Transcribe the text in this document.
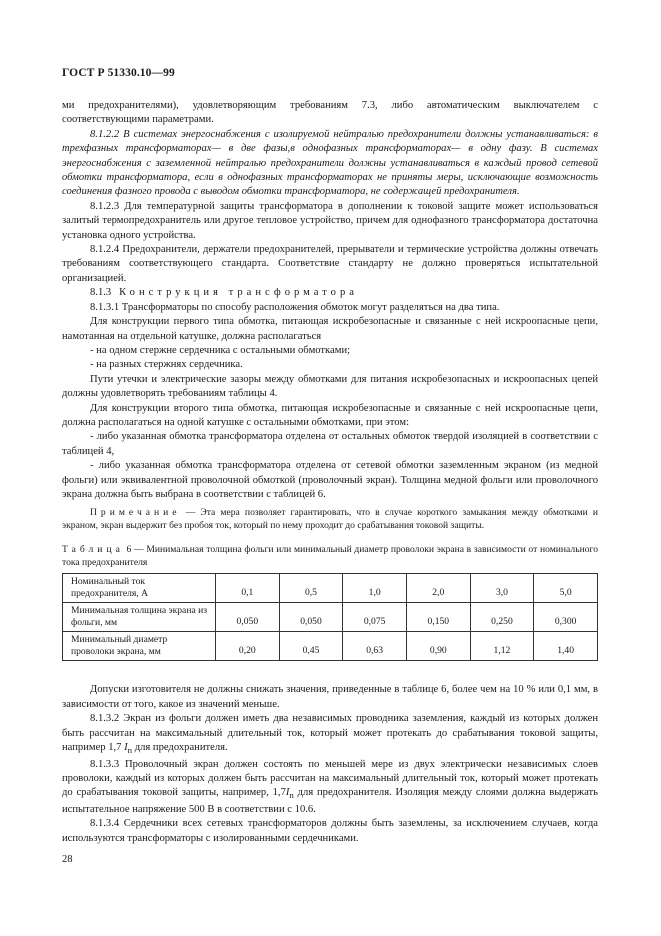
ГОСТ Р 51330.10—99

ми предохранителями), удовлетворяющим требованиям 7.3, либо автоматическим выключателем с соответствующими параметрами.

8.1.2.2 В системах энергоснабжения с изолируемой нейтралью предохранители должны устанавливаться: в трехфазных трансформаторах— в две фазы,в однофазных трансформаторах— в одну фазу. В системах энергоснабжения с заземленной нейтралью предохранители должны устанавливаться в каждый провод сетевой обмотки трансформатора, если в однофазных трансформаторах не приняты меры, исключающие возможность соединения фазного провода с выводом обмотки трансформатора, не содержащей предохранителя.

8.1.2.3 Для температурной защиты трансформатора в дополнении к токовой защите может использоваться залитый термопредохранитель или другое тепловое устройство, причем для однофазного трансформатора достаточна установка одного устройства.

8.1.2.4 Предохранители, держатели предохранителей, прерыватели и термические устройства должны отвечать требованиям соответствующего стандарта. Соответствие стандарту не должно проверяться испытательной организацией.

8.1.3 Конструкция трансформатора

8.1.3.1 Трансформаторы по способу расположения обмоток могут разделяться на два типа.

Для конструкции первого типа обмотка, питающая искробезопасные и связанные с ней искроопасные цепи, намотанная на отдельной катушке, должна располагаться

- на одном стержне сердечника с остальными обмотками;

- на разных стержнях сердечника.

Пути утечки и электрические зазоры между обмотками для питания искробезопасных и искроопасных цепей должны удовлетворять требованиям таблицы 4.

Для конструкции второго типа обмотка, питающая искробезопасные и связанные с ней искроопасные цепи, должна располагаться на одной катушке с остальными обмотками, при этом:

- либо указанная обмотка трансформатора отделена от остальных обмоток твердой изоляцией в соответствии с таблицей 4,

- либо указанная обмотка трансформатора отделена от сетевой обмотки заземленным экраном (из медной фольги) или эквивалентной проволочной обмоткой (проволочный экран). Толщина медной фольги или проволочного экрана должна быть выбрана в соответствии с таблицей 6.

Примечание — Эта мера позволяет гарантировать, что в случае короткого замыкания между обмотками и экраном, экран выдержит без пробоя ток, который по нему проходит до срабатывания токовой защиты.

Таблица 6 — Минимальная толщина фольги или минимальный диаметр проволоки экрана в зависимости от номинального тока предохранителя

Номинальный ток предохранителя, А	0,1	0,5	1,0	2,0	3,0	5,0
Минимальная толщина экрана из фольги, мм	0,050	0,050	0,075	0,150	0,250	0,300
Минимальный диаметр проволоки экрана, мм	0,20	0,45	0,63	0,90	1,12	1,40

Допуски изготовителя не должны снижать значения, приведенные в таблице 6, более чем на 10 % или 0,1 мм, в зависимости от того, какое из значений меньше.

8.1.3.2 Экран из фольги должен иметь два независимых проводника заземления, каждый из которых должен быть рассчитан на максимальный длительный ток, который может протекать до срабатывания токовой защиты, например 1,7 $I_n$ для предохранителя.

8.1.3.3 Проволочный экран должен состоять по меньшей мере из двух электрически независимых слоев проволоки, каждый из которых должен быть рассчитан на максимальный длительный ток, который может протекать до срабатывания токовой защиты, например, $1,7I_n$ для предохранителя. Изоляция между слоями должна выдержать испытательное напряжение 500 В в соответствии с 10.6.

8.1.3.4 Сердечники всех сетевых трансформаторов должны быть заземлены, за исключением случаев, когда используются трансформаторы с изолированными сердечниками.

28
